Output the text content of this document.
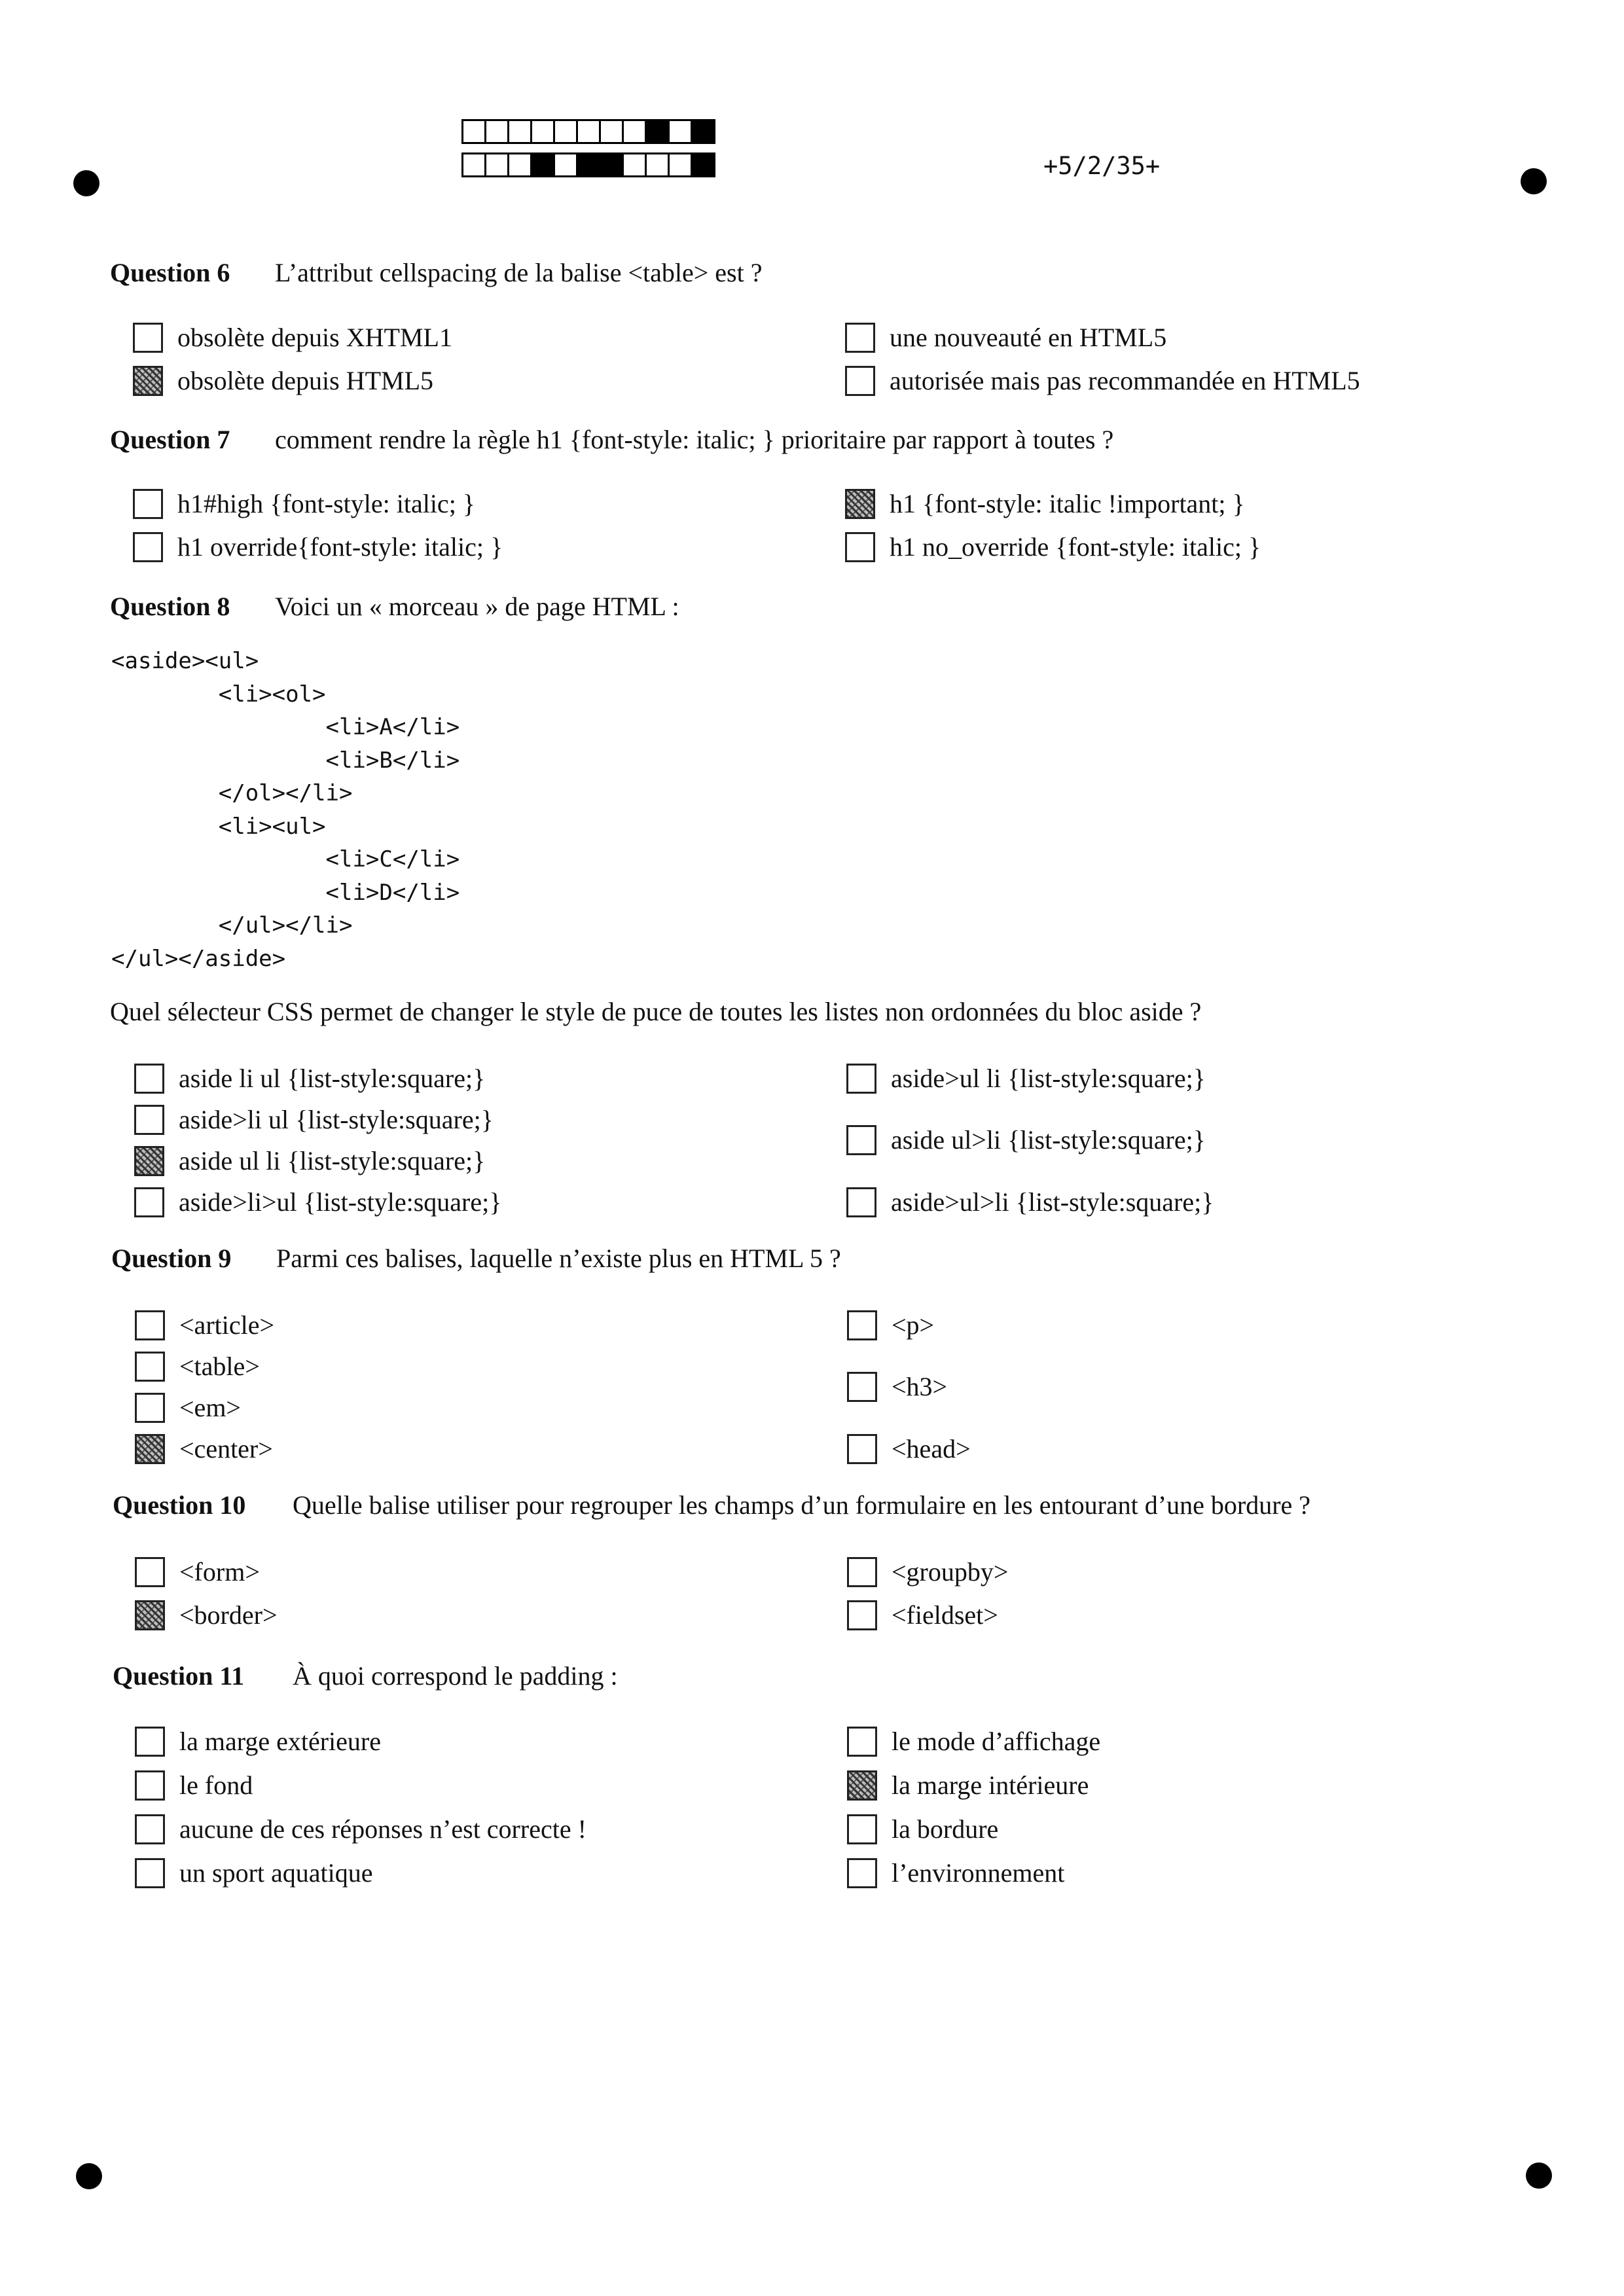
+5/2/35+
Question 6 L’attribut cellspacing de la balise <table> est ?
obsolète depuis XHTML1
obsolète depuis HTML5
une nouveauté en HTML5
autorisée mais pas recommandée en HTML5
Question 7 comment rendre la règle h1 {font-style: italic; } prioritaire par rapport à toutes ?
h1#high {font-style: italic; }
h1 override{font-style: italic; }
h1 {font-style: italic !important; }
h1 no_override {font-style: italic; }
Question 8 Voici un « morceau » de page HTML :
<aside><ul>
<li><ol>
<li>A</li>
<li>B</li>
</ol></li>
<li><ul>
<li>C</li>
<li>D</li>
</ul></li>
</ul></aside>
Quel sélecteur CSS permet de changer le style de puce de toutes les listes non ordonnées du bloc aside ?
aside li ul {list-style:square;}
aside>li ul {list-style:square;}
aside ul li {list-style:square;}
aside>li>ul {list-style:square;}
aside>ul li {list-style:square;}
aside ul>li {list-style:square;}
aside>ul>li {list-style:square;}
Question 9 Parmi ces balises, laquelle n’existe plus en HTML 5 ?
<article>
<table>
<em>
<center>
<p>
<h3>
<head>
Question 10 Quelle balise utiliser pour regrouper les champs d’un formulaire en les entourant d’une bordure ?
<form>
<border>
<groupby>
<fieldset>
Question 11 À quoi correspond le padding :
la marge extérieure
le fond
aucune de ces réponses n’est correcte !
un sport aquatique
le mode d’affichage
la marge intérieure
la bordure
l’environnement
